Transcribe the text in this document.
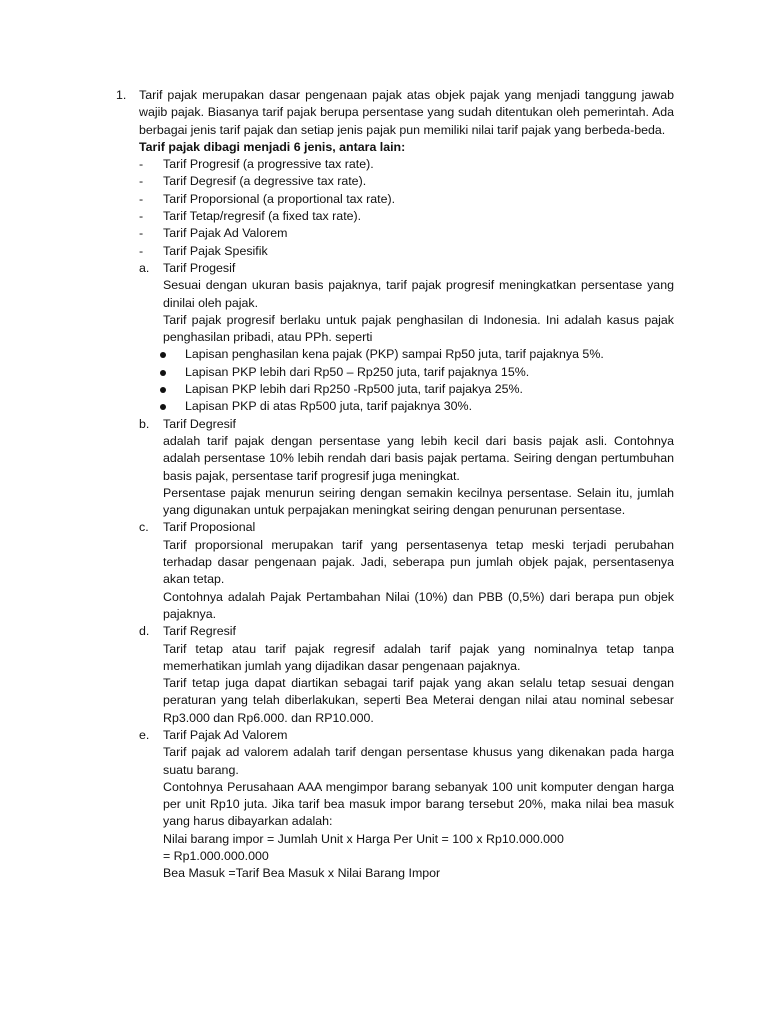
1. Tarif pajak merupakan dasar pengenaan pajak atas objek pajak yang menjadi tanggung jawab wajib pajak. Biasanya tarif pajak berupa persentase yang sudah ditentukan oleh pemerintah. Ada berbagai jenis tarif pajak dan setiap jenis pajak pun memiliki nilai tarif pajak yang berbeda-beda.
Tarif pajak dibagi menjadi 6 jenis, antara lain:
- Tarif Progresif (a progressive tax rate).
- Tarif Degresif (a degressive tax rate).
- Tarif Proporsional (a proportional tax rate).
- Tarif Tetap/regresif (a fixed tax rate).
- Tarif Pajak Ad Valorem
- Tarif Pajak Spesifik
a. Tarif Progesif
Sesuai dengan ukuran basis pajaknya, tarif pajak progresif meningkatkan persentase yang dinilai oleh pajak.
Tarif pajak progresif berlaku untuk pajak penghasilan di Indonesia. Ini adalah kasus pajak penghasilan pribadi, atau PPh. seperti
Lapisan penghasilan kena pajak (PKP) sampai Rp50 juta, tarif pajaknya 5%.
Lapisan PKP lebih dari Rp50 – Rp250 juta, tarif pajaknya 15%.
Lapisan PKP lebih dari Rp250 -Rp500 juta, tarif pajakya 25%.
Lapisan PKP di atas Rp500 juta, tarif pajaknya 30%.
b. Tarif Degresif
adalah tarif pajak dengan persentase yang lebih kecil dari basis pajak asli. Contohnya adalah persentase 10% lebih rendah dari basis pajak pertama. Seiring dengan pertumbuhan basis pajak, persentase tarif progresif juga meningkat.
Persentase pajak menurun seiring dengan semakin kecilnya persentase. Selain itu, jumlah yang digunakan untuk perpajakan meningkat seiring dengan penurunan persentase.
c. Tarif Proposional
Tarif proporsional merupakan tarif yang persentasenya tetap meski terjadi perubahan terhadap dasar pengenaan pajak. Jadi, seberapa pun jumlah objek pajak, persentasenya akan tetap.
Contohnya adalah Pajak Pertambahan Nilai (10%) dan PBB (0,5%) dari berapa pun objek pajaknya.
d. Tarif Regresif
Tarif tetap atau tarif pajak regresif adalah tarif pajak yang nominalnya tetap tanpa memerhatikan jumlah yang dijadikan dasar pengenaan pajaknya.
Tarif tetap juga dapat diartikan sebagai tarif pajak yang akan selalu tetap sesuai dengan peraturan yang telah diberlakukan, seperti Bea Meterai dengan nilai atau nominal sebesar Rp3.000 dan Rp6.000. dan RP10.000.
e. Tarif Pajak Ad Valorem
Tarif pajak ad valorem adalah tarif dengan persentase khusus yang dikenakan pada harga suatu barang.
Contohnya Perusahaan AAA mengimpor barang sebanyak 100 unit komputer dengan harga per unit Rp10 juta. Jika tarif bea masuk impor barang tersebut 20%, maka nilai bea masuk yang harus dibayarkan adalah:
Nilai barang impor = Jumlah Unit x Harga Per Unit = 100 x Rp10.000.000
= Rp1.000.000.000
Bea Masuk =Tarif Bea Masuk x Nilai Barang Impor
